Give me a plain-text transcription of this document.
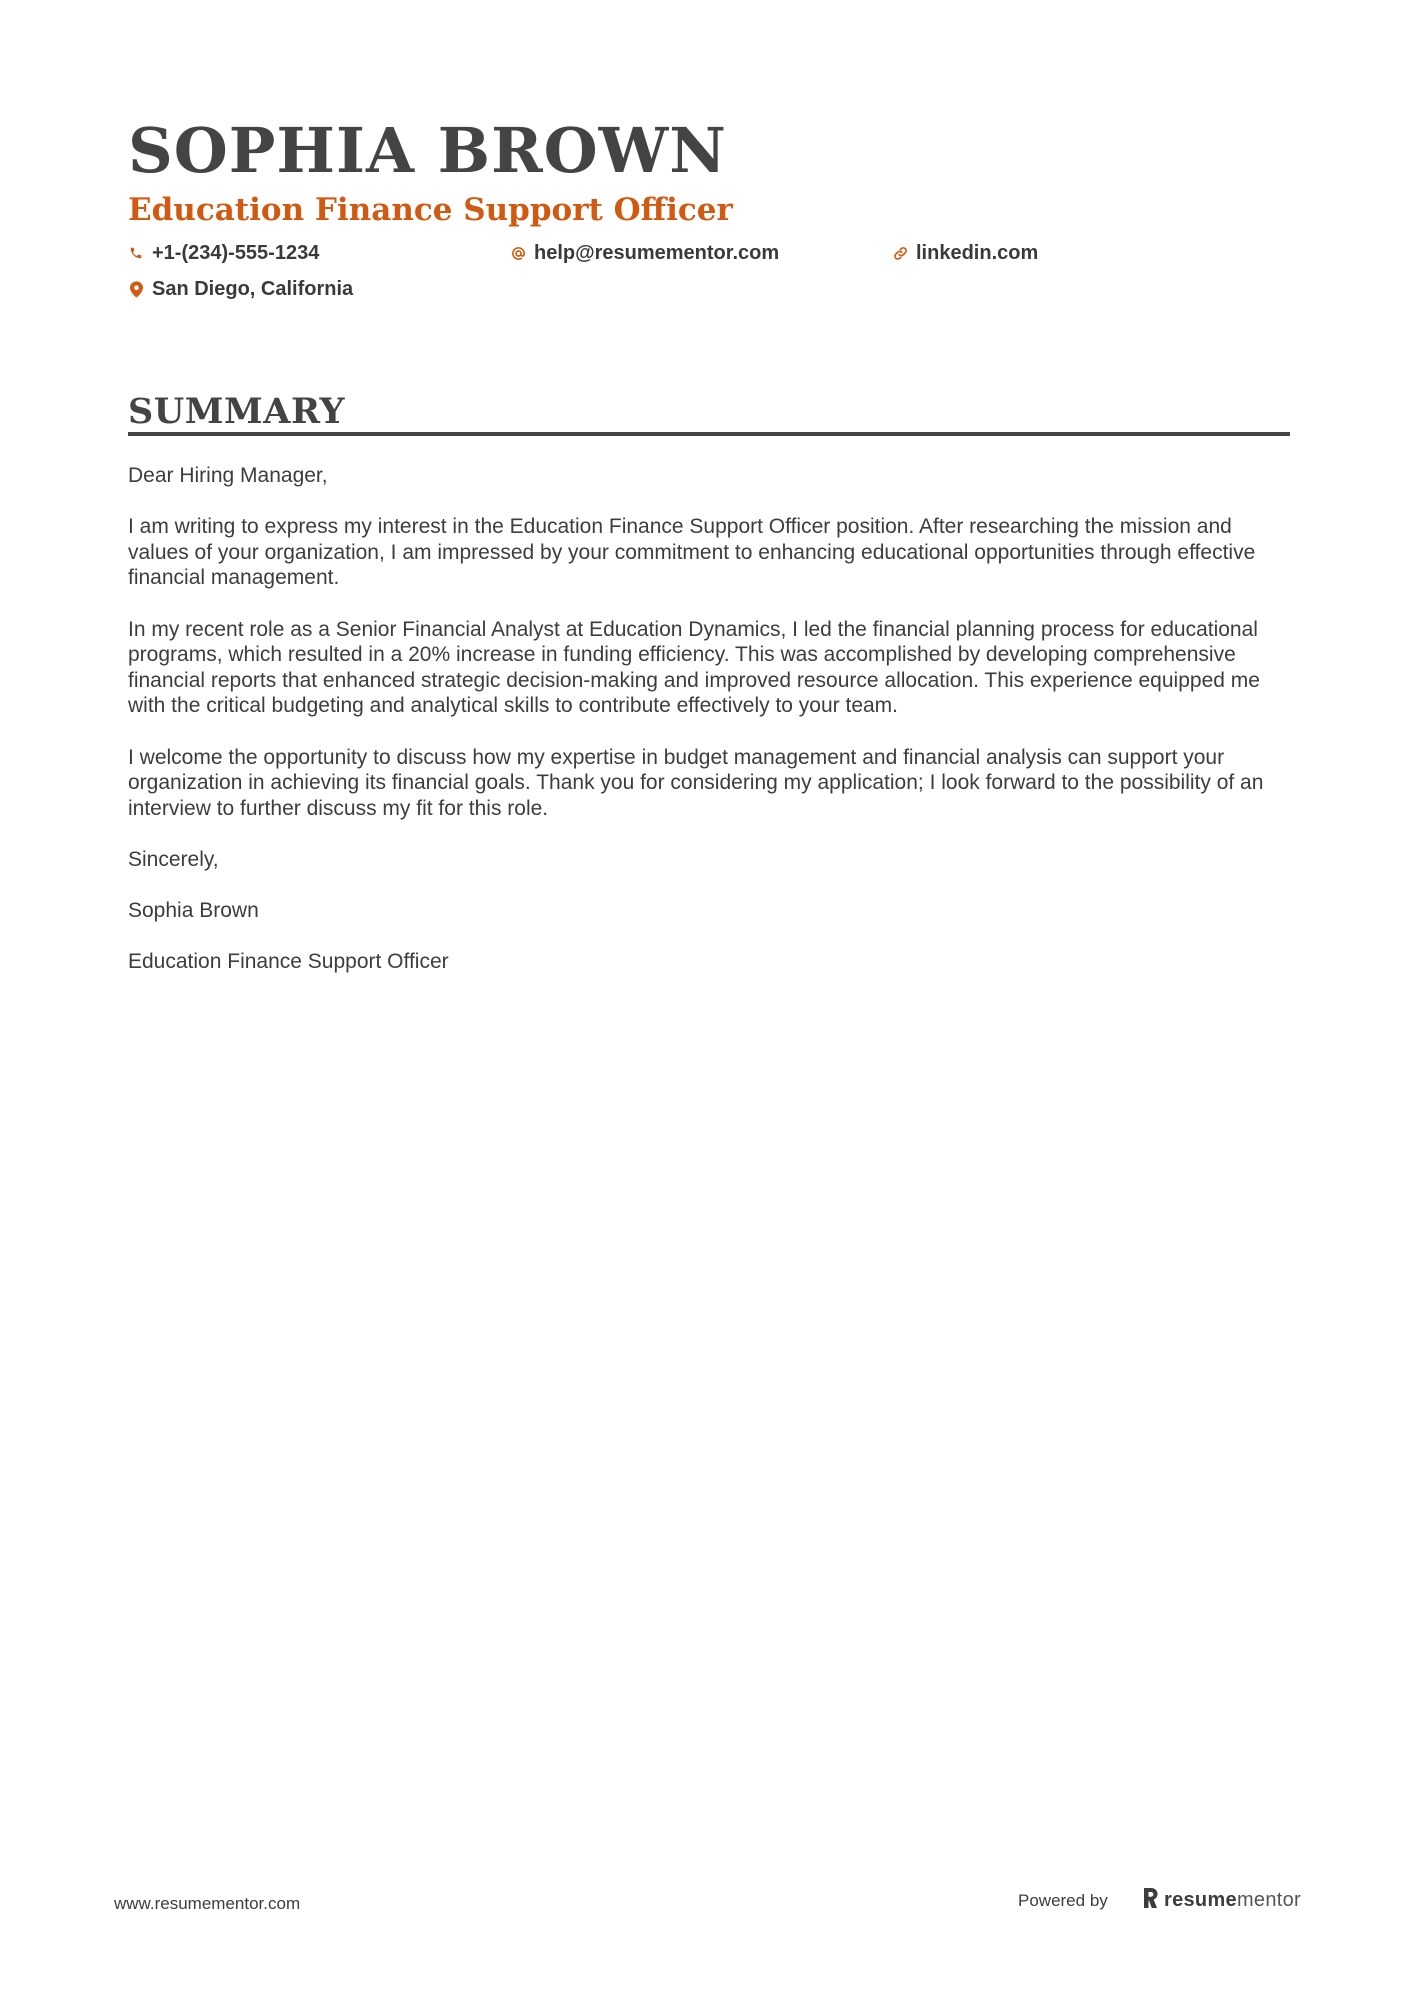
SOPHIA BROWN
Education Finance Support Officer
+1-(234)-555-1234	help@resumementor.com	linkedin.com
San Diego, California
SUMMARY

Dear Hiring Manager,

I am writing to express my interest in the Education Finance Support Officer position. After researching the mission and values of your organization, I am impressed by your commitment to enhancing educational opportunities through effective financial management.

In my recent role as a Senior Financial Analyst at Education Dynamics, I led the financial planning process for educational programs, which resulted in a 20% increase in funding efficiency. This was accomplished by developing comprehensive financial reports that enhanced strategic decision-making and improved resource allocation. This experience equipped me with the critical budgeting and analytical skills to contribute effectively to your team.

I welcome the opportunity to discuss how my expertise in budget management and financial analysis can support your organization in achieving its financial goals. Thank you for considering my application; I look forward to the possibility of an interview to further discuss my fit for this role.

Sincerely,

Sophia Brown

Education Finance Support Officer

www.resumementor.com	Powered by	resumementor
